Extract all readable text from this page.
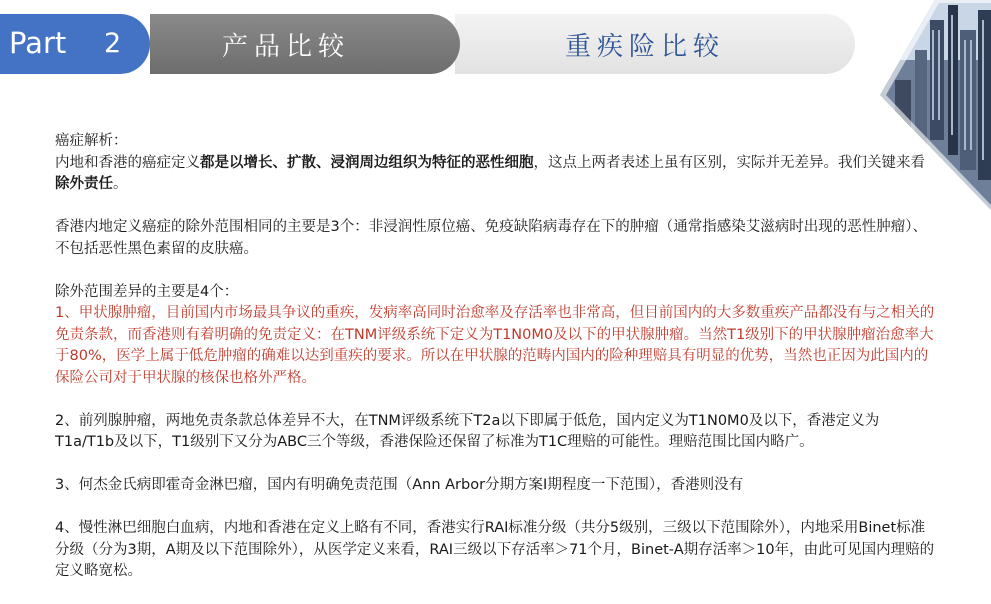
Part 2	产品比较	重疾险比较

癌症解析：

内地和香港的癌症定义都是以增长、扩散、浸润周边组织为特征的恶性细胞，这点上两者表述上虽有区别，实际并无差异。我们关键来看除外责任。

香港内地定义癌症的除外范围相同的主要是3个：非浸润性原位癌、免疫缺陷病毒存在下的肿瘤（通常指感染艾滋病时出现的恶性肿瘤）、不包括恶性黑色素留的皮肤癌。

除外范围差异的主要是4个：

1、甲状腺肿瘤，目前国内市场最具争议的重疾，发病率高同时治愈率及存活率也非常高，但目前国内的大多数重疾产品都没有与之相关的免责条款，而香港则有着明确的免责定义：在TNM评级系统下定义为T1N0M0及以下的甲状腺肿瘤。当然T1级别下的甲状腺肿瘤治愈率大于80%，医学上属于低危肿瘤的确难以达到重疾的要求。所以在甲状腺的范畴内国内的险种理赔具有明显的优势，当然也正因为此国内的保险公司对于甲状腺的核保也格外严格。

2、前列腺肿瘤，两地免责条款总体差异不大，在TNM评级系统下T2a以下即属于低危，国内定义为T1N0M0及以下，香港定义为T1a/T1b及以下，T1级别下又分为ABC三个等级，香港保险还保留了标准为T1C理赔的可能性。理赔范围比国内略广。

3、何杰金氏病即霍奇金淋巴瘤，国内有明确免责范围（Ann Arbor分期方案Ⅰ期程度一下范围），香港则没有

4、慢性淋巴细胞白血病，内地和香港在定义上略有不同，香港实行RAI标准分级（共分5级别，三级以下范围除外），内地采用Binet标准分级（分为3期，A期及以下范围除外），从医学定义来看，RAI三级以下存活率＞71个月，Binet-A期存活率＞10年，由此可见国内理赔的定义略宽松。
